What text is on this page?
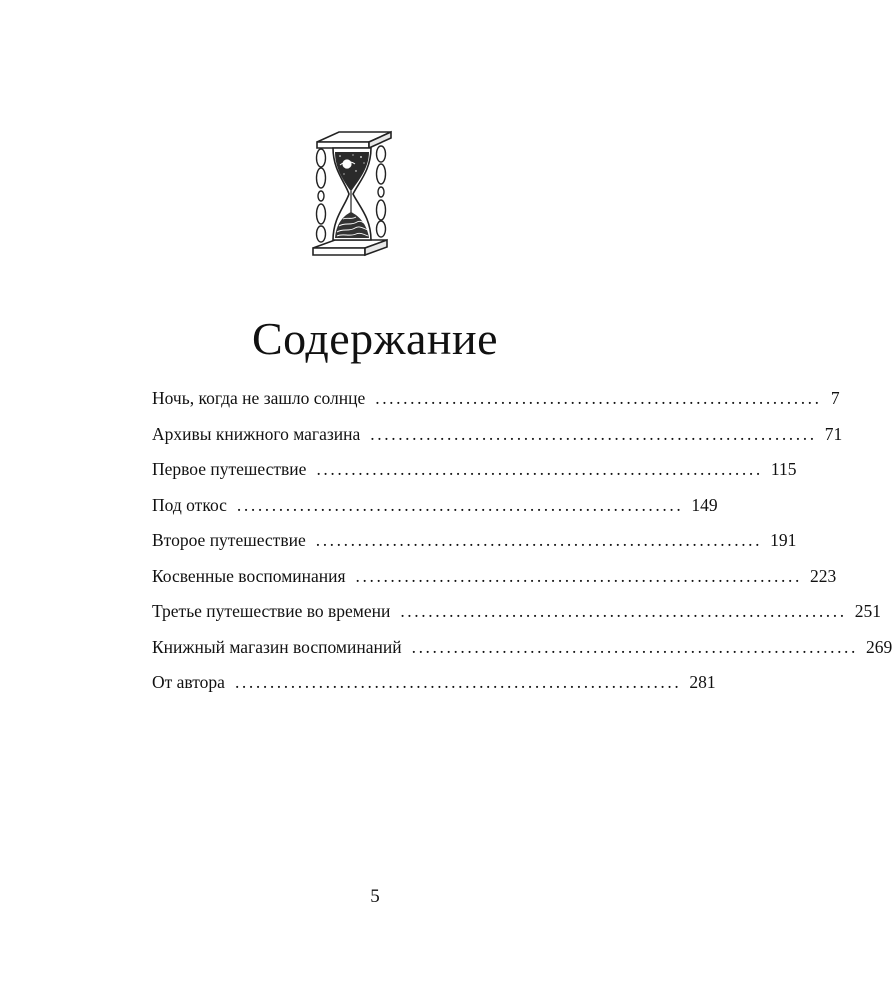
Содержание
Ночь, когда не зашло солнце ................................................................ 7
Архивы книжного магазина ................................................................ 71
Первое путешествие ................................................................ 115
Под откос ................................................................ 149
Второе путешествие ................................................................ 191
Косвенные воспоминания ................................................................ 223
Третье путешествие во времени ................................................................ 251
Книжный магазин воспоминаний ................................................................ 269
От автора ................................................................ 281
5
